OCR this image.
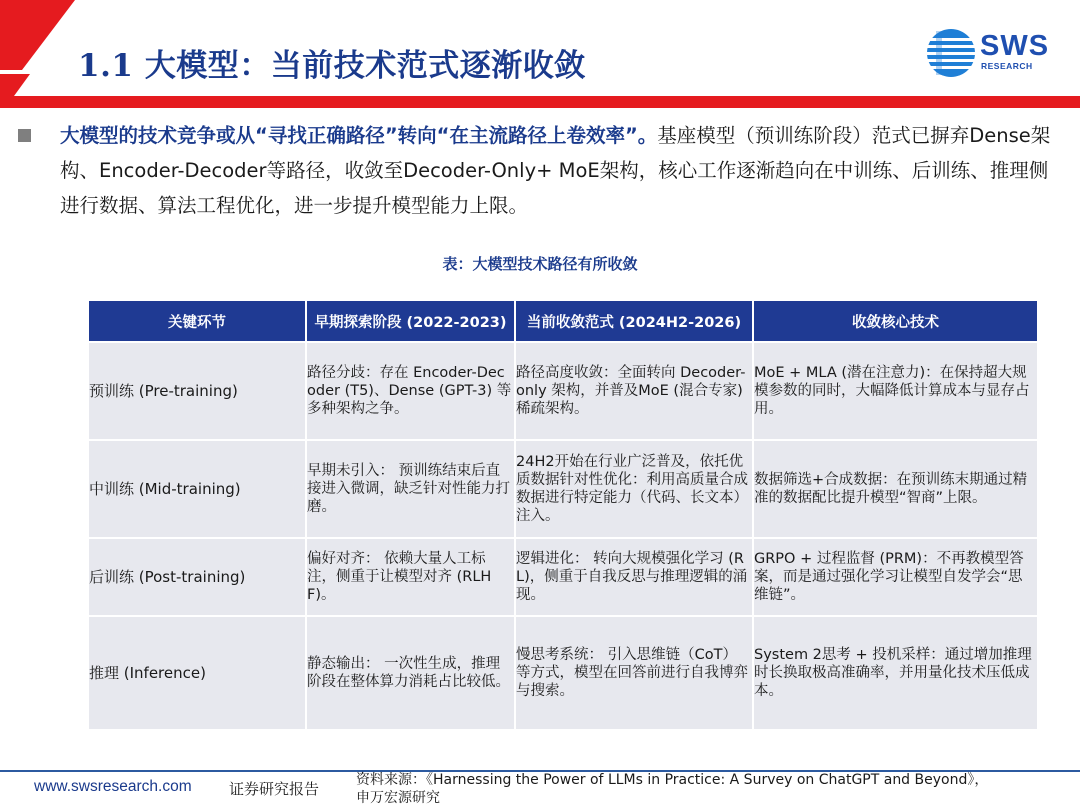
1.1 大模型：当前技术范式逐渐收敛
SWS
RESEARCH

大模型的技术竞争或从“寻找正确路径”转向“在主流路径上卷效率”。基座模型（预训练阶段）范式已摒弃Dense架构、Encoder-Decoder等路径，收敛至Decoder-Only+ MoE架构，核心工作逐渐趋向在中训练、后训练、推理侧进行数据、算法工程优化，进一步提升模型能力上限。

表：大模型技术路径有所收敛
关键环节	早期探索阶段 (2022-2023)	当前收敛范式 (2024H2-2026)	收敛核心技术
预训练 (Pre-training)	路径分歧：存在 Encoder-Decoder (T5)、Dense (GPT-3) 等多种架构之争。	路径高度收敛：全面转向 Decoder-only 架构，并普及MoE (混合专家) 稀疏架构。	MoE + MLA (潜在注意力)：在保持超大规模参数的同时，大幅降低计算成本与显存占用。
中训练 (Mid-training)	早期未引入： 预训练结束后直接进入微调，缺乏针对性能力打磨。	24H2开始在行业广泛普及，依托优质数据针对性优化：利用高质量合成数据进行特定能力（代码、长文本）注入。	数据筛选+合成数据：在预训练末期通过精准的数据配比提升模型“智商”上限。
后训练 (Post-training)	偏好对齐： 依赖大量人工标注，侧重于让模型对齐 (RLHF)。	逻辑进化： 转向大规模强化学习 (RL)，侧重于自我反思与推理逻辑的涌现。	GRPO + 过程监督 (PRM)：不再教模型答案，而是通过强化学习让模型自发学会“思维链”。
推理 (Inference)	静态输出： 一次性生成，推理阶段在整体算力消耗占比较低。	慢思考系统： 引入思维链（CoT）等方式，模型在回答前进行自我博弈与搜索。	System 2思考 + 投机采样：通过增加推理时长换取极高准确率，并用量化技术压低成本。
www.swsresearch.com 证券研究报告	资料来源：《Harnessing the Power of LLMs in Practice: A Survey on ChatGPT and Beyond》，申万宏源研究
